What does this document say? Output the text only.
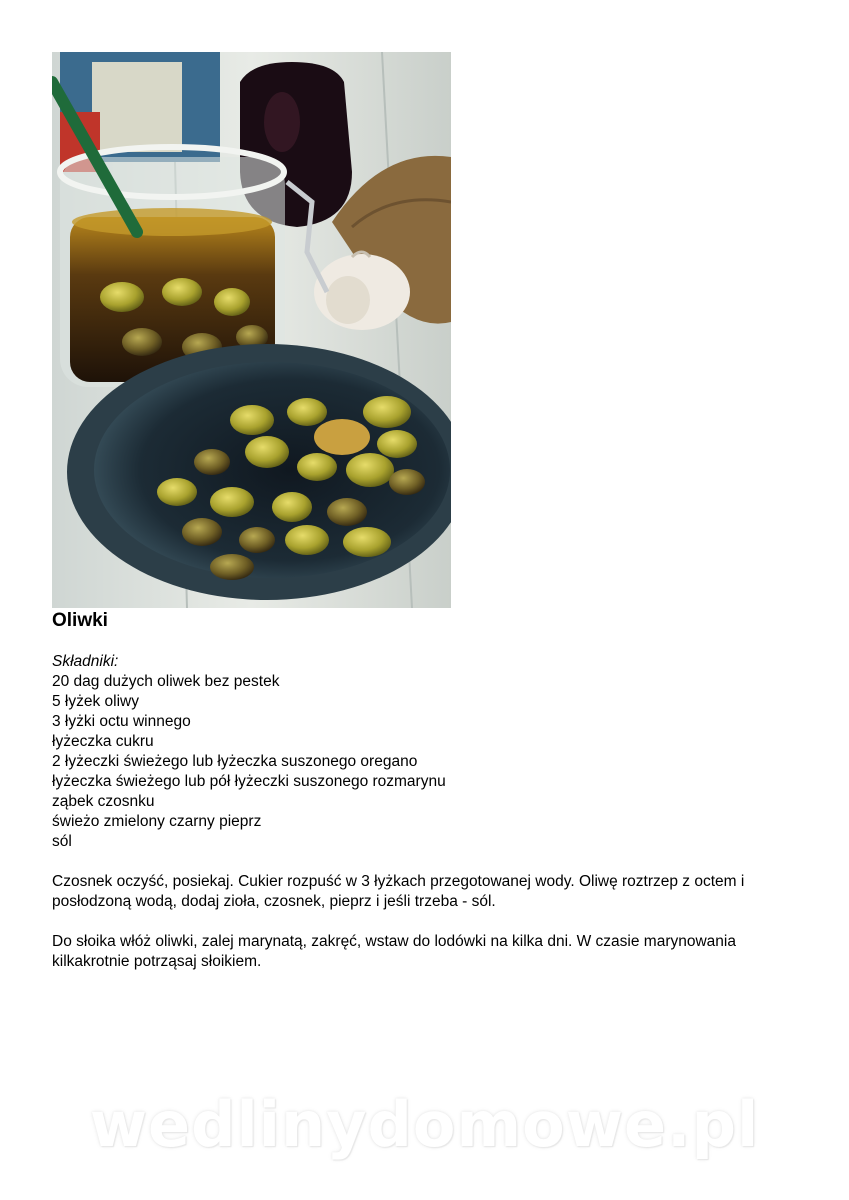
Oliwki
Składniki:
20 dag dużych oliwek bez pestek
5 łyżek oliwy
3 łyżki octu winnego
łyżeczka cukru
2 łyżeczki świeżego lub łyżeczka suszonego oregano
łyżeczka świeżego lub pół łyżeczki suszonego rozmarynu
ząbek czosnku
świeżo zmielony czarny pieprz
sól

Czosnek oczyść, posiekaj. Cukier rozpuść w 3 łyżkach przegotowanej wody. Oliwę roztrzep z octem i posłodzoną wodą, dodaj zioła, czosnek, pieprz i jeśli trzeba - sól.

Do słoika włóż oliwki, zalej marynatą, zakręć, wstaw do lodówki na kilka dni. W czasie marynowania kilkakrotnie potrząsaj słoikiem.

wedlinydomowe.pl
